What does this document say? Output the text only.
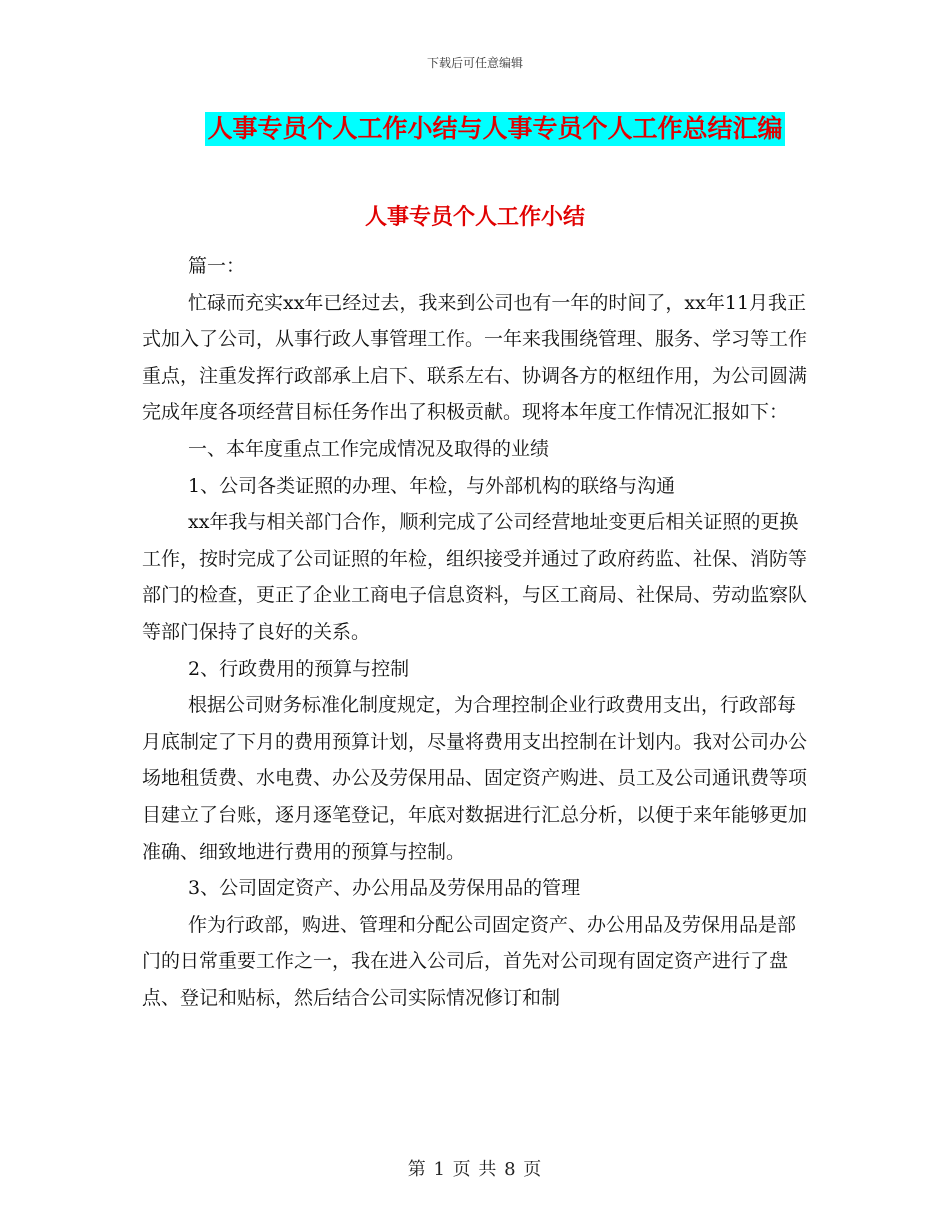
下载后可任意编辑
人事专员个人工作小结与人事专员个人工作总结汇编
人事专员个人工作小结

篇一：

忙碌而充实xx年已经过去，我来到公司也有一年的时间了，xx年11月我正式加入了公司，从事行政人事管理工作。一年来我围绕管理、服务、学习等工作重点，注重发挥行政部承上启下、联系左右、协调各方的枢纽作用，为公司圆满完成年度各项经营目标任务作出了积极贡献。现将本年度工作情况汇报如下：

一、本年度重点工作完成情况及取得的业绩

1、公司各类证照的办理、年检，与外部机构的联络与沟通

xx年我与相关部门合作，顺利完成了公司经营地址变更后相关证照的更换工作，按时完成了公司证照的年检，组织接受并通过了政府药监、社保、消防等部门的检查，更正了企业工商电子信息资料，与区工商局、社保局、劳动监察队等部门保持了良好的关系。

2、行政费用的预算与控制

根据公司财务标准化制度规定，为合理控制企业行政费用支出，行政部每月底制定了下月的费用预算计划，尽量将费用支出控制在计划内。我对公司办公场地租赁费、水电费、办公及劳保用品、固定资产购进、员工及公司通讯费等项目建立了台账，逐月逐笔登记，年底对数据进行汇总分析，以便于来年能够更加准确、细致地进行费用的预算与控制。

3、公司固定资产、办公用品及劳保用品的管理

作为行政部，购进、管理和分配公司固定资产、办公用品及劳保用品是部门的日常重要工作之一，我在进入公司后，首先对公司现有固定资产进行了盘点、登记和贴标，然后结合公司实际情况修订和制

第 1 页 共 8 页
